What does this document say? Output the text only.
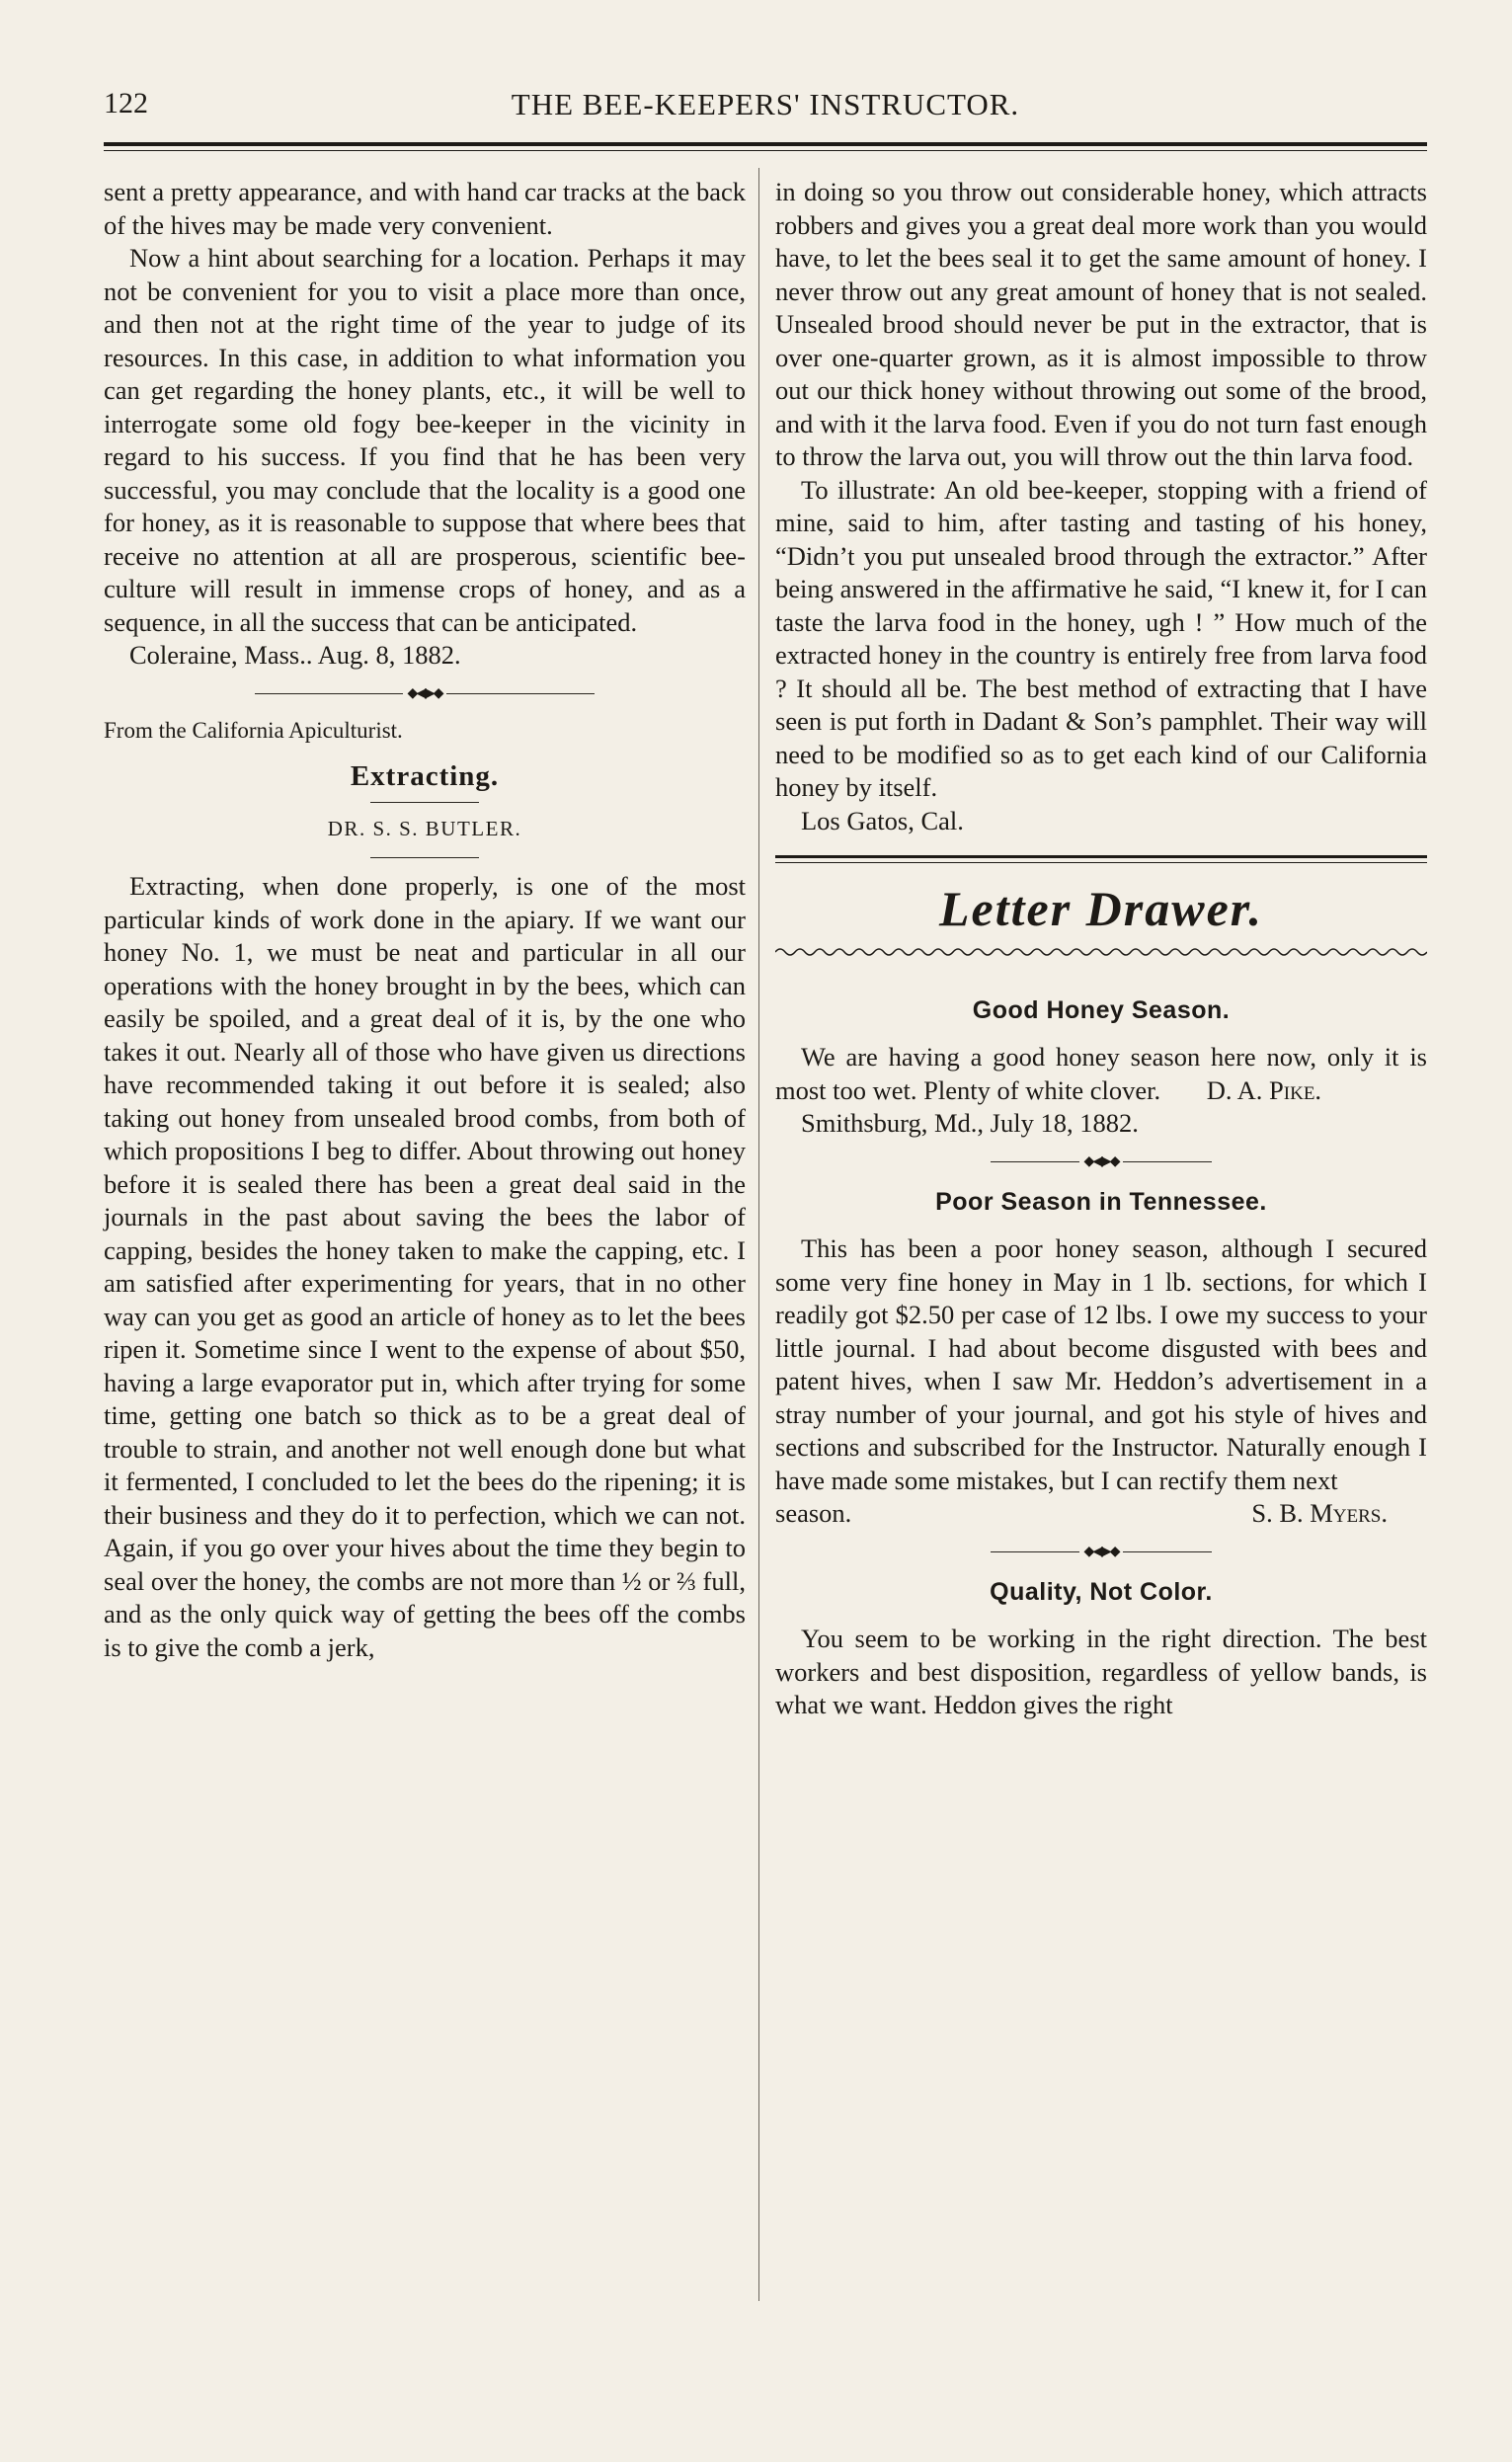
122	THE BEE-KEEPERS' INSTRUCTOR.

sent a pretty appearance, and with hand car tracks at the back of the hives may be made very convenient.

Now a hint about searching for a location. Perhaps it may not be convenient for you to visit a place more than once, and then not at the right time of the year to judge of its resources. In this case, in addition to what information you can get regarding the honey plants, etc., it will be well to interrogate some old fogy bee-keeper in the vicinity in regard to his success. If you find that he has been very successful, you may conclude that the locality is a good one for honey, as it is reasonable to suppose that where bees that receive no attention at all are prosperous, scientific bee-culture will result in immense crops of honey, and as a sequence, in all the success that can be anticipated.

Coleraine, Mass.. Aug. 8, 1882.

◆◀▶◆
From the California Apiculturist.
Extracting.
DR. S. S. BUTLER.

Extracting, when done properly, is one of the most particular kinds of work done in the apiary. If we want our honey No. 1, we must be neat and particular in all our operations with the honey brought in by the bees, which can easily be spoiled, and a great deal of it is, by the one who takes it out. Nearly all of those who have given us directions have recommended taking it out before it is sealed; also taking out honey from unsealed brood combs, from both of which propositions I beg to differ. About throwing out honey before it is sealed there has been a great deal said in the journals in the past about saving the bees the labor of capping, besides the honey taken to make the capping, etc. I am satisfied after experimenting for years, that in no other way can you get as good an article of honey as to let the bees ripen it. Sometime since I went to the expense of about $50, having a large evaporator put in, which after trying for some time, getting one batch so thick as to be a great deal of trouble to strain, and another not well enough done but what it fermented, I concluded to let the bees do the ripening; it is their business and they do it to perfection, which we can not. Again, if you go over your hives about the time they begin to seal over the honey, the combs are not more than ½ or ⅔ full, and as the only quick way of getting the bees off the combs is to give the comb a jerk,

in doing so you throw out considerable honey, which attracts robbers and gives you a great deal more work than you would have, to let the bees seal it to get the same amount of honey. I never throw out any great amount of honey that is not sealed. Unsealed brood should never be put in the extractor, that is over one-quarter grown, as it is almost impossible to throw out our thick honey without throwing out some of the brood, and with it the larva food. Even if you do not turn fast enough to throw the larva out, you will throw out the thin larva food.

To illustrate: An old bee-keeper, stopping with a friend of mine, said to him, after tasting and tasting of his honey, “Didn’t you put unsealed brood through the extractor.” After being answered in the affirmative he said, “I knew it, for I can taste the larva food in the honey, ugh ! ” How much of the extracted honey in the country is entirely free from larva food ? It should all be. The best method of extracting that I have seen is put forth in Dadant & Son’s pamphlet. Their way will need to be modified so as to get each kind of our California honey by itself.

Los Gatos, Cal.

Letter Drawer.
Good Honey Season.

We are having a good honey season here now, only it is most too wet. Plenty of white clover. D. A. Pike.

Smithsburg, Md., July 18, 1882.

◆◀▶◆
Poor Season in Tennessee.

This has been a poor honey season, although I secured some very fine honey in May in 1 lb. sections, for which I readily got $2.50 per case of 12 lbs. I owe my success to your little journal. I had about become disgusted with bees and patent hives, when I saw Mr. Heddon’s advertisement in a stray number of your journal, and got his style of hives and sections and subscribed for the Instructor. Naturally enough I have made some mistakes, but I can rectify them next

season.	S. B. Myers.
◆◀▶◆
Quality, Not Color.

You seem to be working in the right direction. The best workers and best disposition, regardless of yellow bands, is what we want. Heddon gives the right
